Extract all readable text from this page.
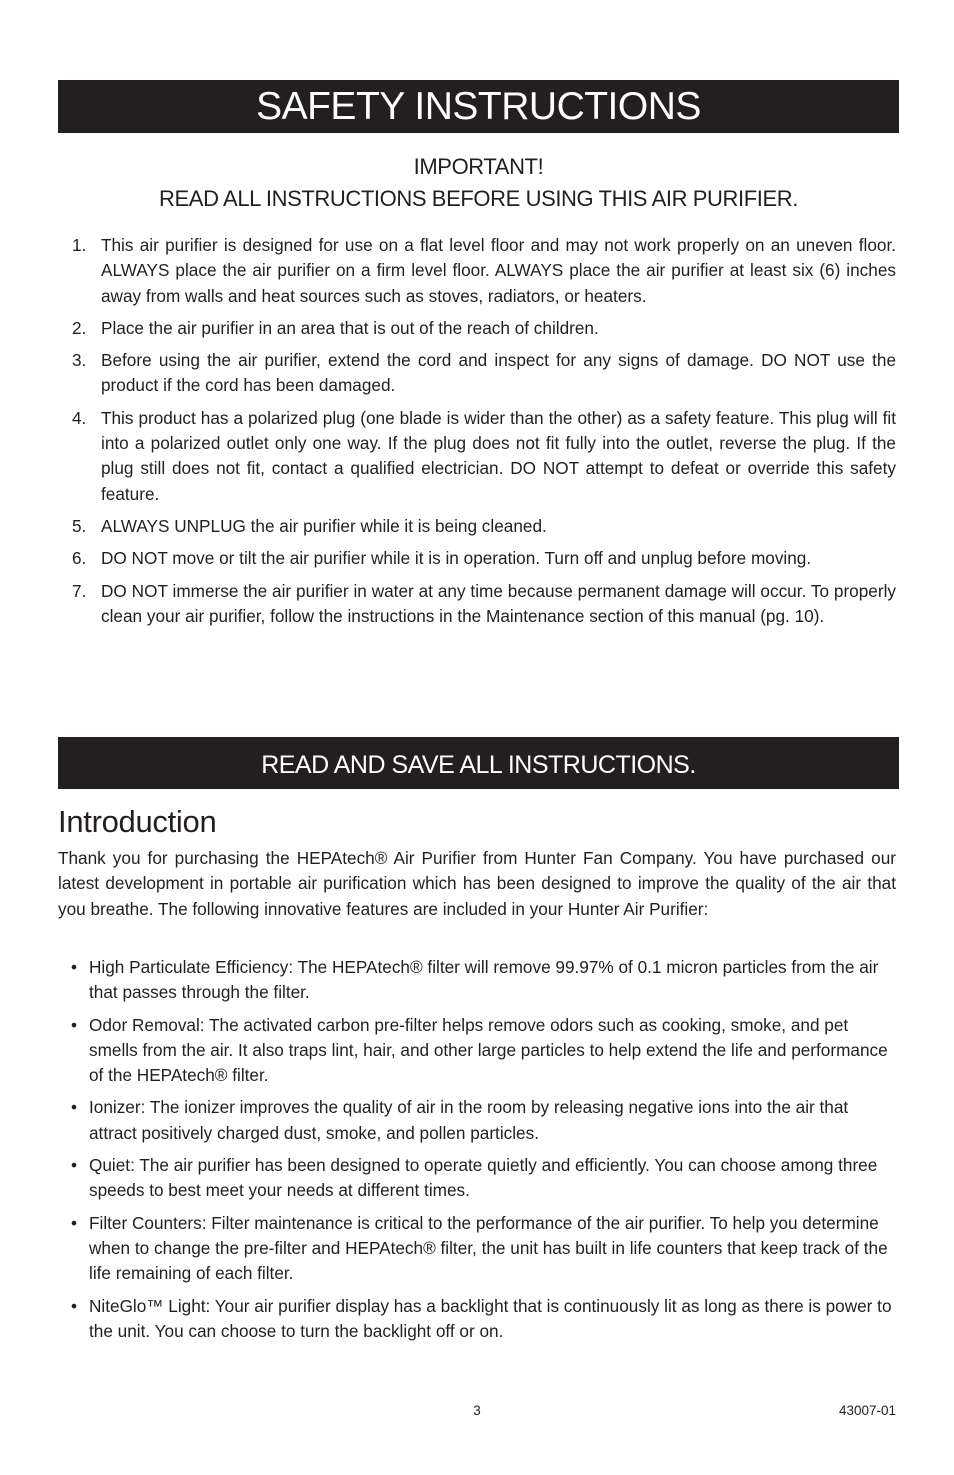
SAFETY INSTRUCTIONS
IMPORTANT!
READ ALL INSTRUCTIONS BEFORE USING THIS AIR PURIFIER.
1. This air purifier is designed for use on a flat level floor and may not work properly on an uneven floor. ALWAYS place the air purifier on a firm level floor. ALWAYS place the air purifier at least six (6) inches away from walls and heat sources such as stoves, radiators, or heaters.
2. Place the air purifier in an area that is out of the reach of children.
3. Before using the air purifier, extend the cord and inspect for any signs of damage. DO NOT use the product if the cord has been damaged.
4. This product has a polarized plug (one blade is wider than the other) as a safety feature. This plug will fit into a polarized outlet only one way. If the plug does not fit fully into the outlet, reverse the plug. If the plug still does not fit, contact a qualified electrician. DO NOT attempt to defeat or override this safety feature.
5. ALWAYS UNPLUG the air purifier while it is being cleaned.
6. DO NOT move or tilt the air purifier while it is in operation. Turn off and unplug before moving.
7. DO NOT immerse the air purifier in water at any time because permanent damage will occur. To properly clean your air purifier, follow the instructions in the Maintenance section of this manual (pg. 10).
READ AND SAVE ALL INSTRUCTIONS.
Introduction

Thank you for purchasing the HEPAtech® Air Purifier from Hunter Fan Company. You have purchased our latest development in portable air purification which has been designed to improve the quality of the air that you breathe. The following innovative features are included in your Hunter Air Purifier:

• High Particulate Efficiency: The HEPAtech® filter will remove 99.97% of 0.1 micron particles from the air that passes through the filter.
• Odor Removal: The activated carbon pre-filter helps remove odors such as cooking, smoke, and pet smells from the air. It also traps lint, hair, and other large particles to help extend the life and performance of the HEPAtech® filter.
• Ionizer: The ionizer improves the quality of air in the room by releasing negative ions into the air that attract positively charged dust, smoke, and pollen particles.
• Quiet: The air purifier has been designed to operate quietly and efficiently. You can choose among three speeds to best meet your needs at different times.
• Filter Counters: Filter maintenance is critical to the performance of the air purifier. To help you determine when to change the pre-filter and HEPAtech® filter, the unit has built in life counters that keep track of the life remaining of each filter.
• NiteGlo™ Light: Your air purifier display has a backlight that is continuously lit as long as there is power to the unit. You can choose to turn the backlight off or on.
3	43007-01
